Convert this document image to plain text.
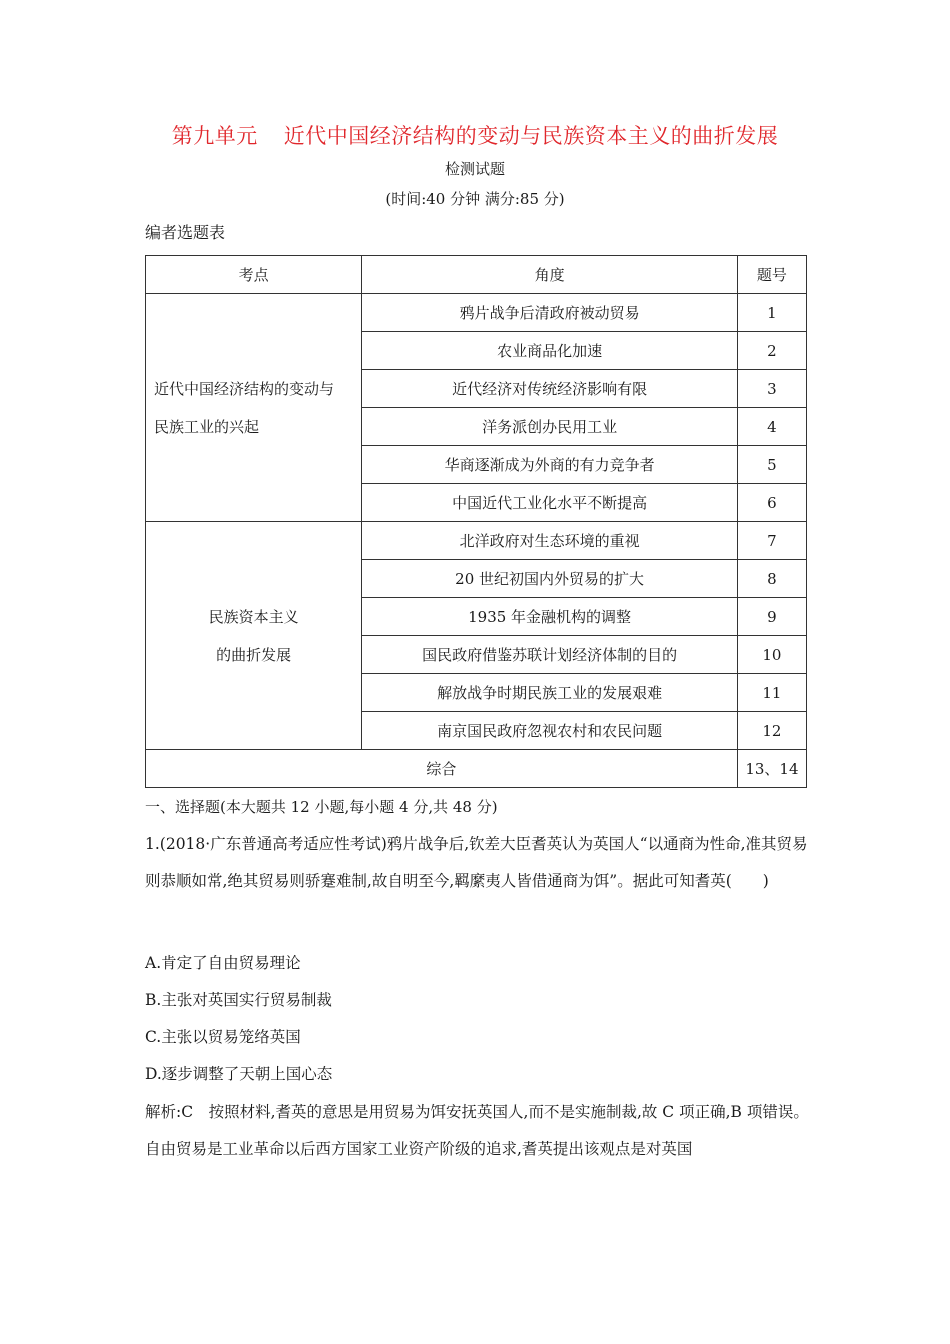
第九单元 近代中国经济结构的变动与民族资本主义的曲折发展
检测试题
(时间:40 分钟 满分:85 分)
编者选题表
考点	角度	题号

近代中国经济结构的变动与
民族工业的兴起	鸦片战争后清政府被动贸易	1
	农业商品化加速	2
	近代经济对传统经济影响有限	3
	洋务派创办民用工业	4
	华商逐渐成为外商的有力竞争者	5
	中国近代工业化水平不断提高	6

民族资本主义
的曲折发展	北洋政府对生态环境的重视	7
	20 世纪初国内外贸易的扩大	8
	1935 年金融机构的调整	9
	国民政府借鉴苏联计划经济体制的目的	10
	解放战争时期民族工业的发展艰难	11
	南京国民政府忽视农村和农民问题	12
综合		13、14
一、选择题(本大题共 12 小题,每小题 4 分,共 48 分)
1.(2018·广东普通高考适应性考试)鸦片战争后,钦差大臣耆英认为英国人“以通商为性命,准其贸易则恭顺如常,绝其贸易则骄蹇难制,故自明至今,羁縻夷人皆借通商为饵”。据此可知耆英(　　)
A.肯定了自由贸易理论
B.主张对英国实行贸易制裁
C.主张以贸易笼络英国
D.逐步调整了天朝上国心态
解析:C　按照材料,耆英的意思是用贸易为饵安抚英国人,而不是实施制裁,故 C 项正确,B 项错误。自由贸易是工业革命以后西方国家工业资产阶级的追求,耆英提出该观点是对英国
